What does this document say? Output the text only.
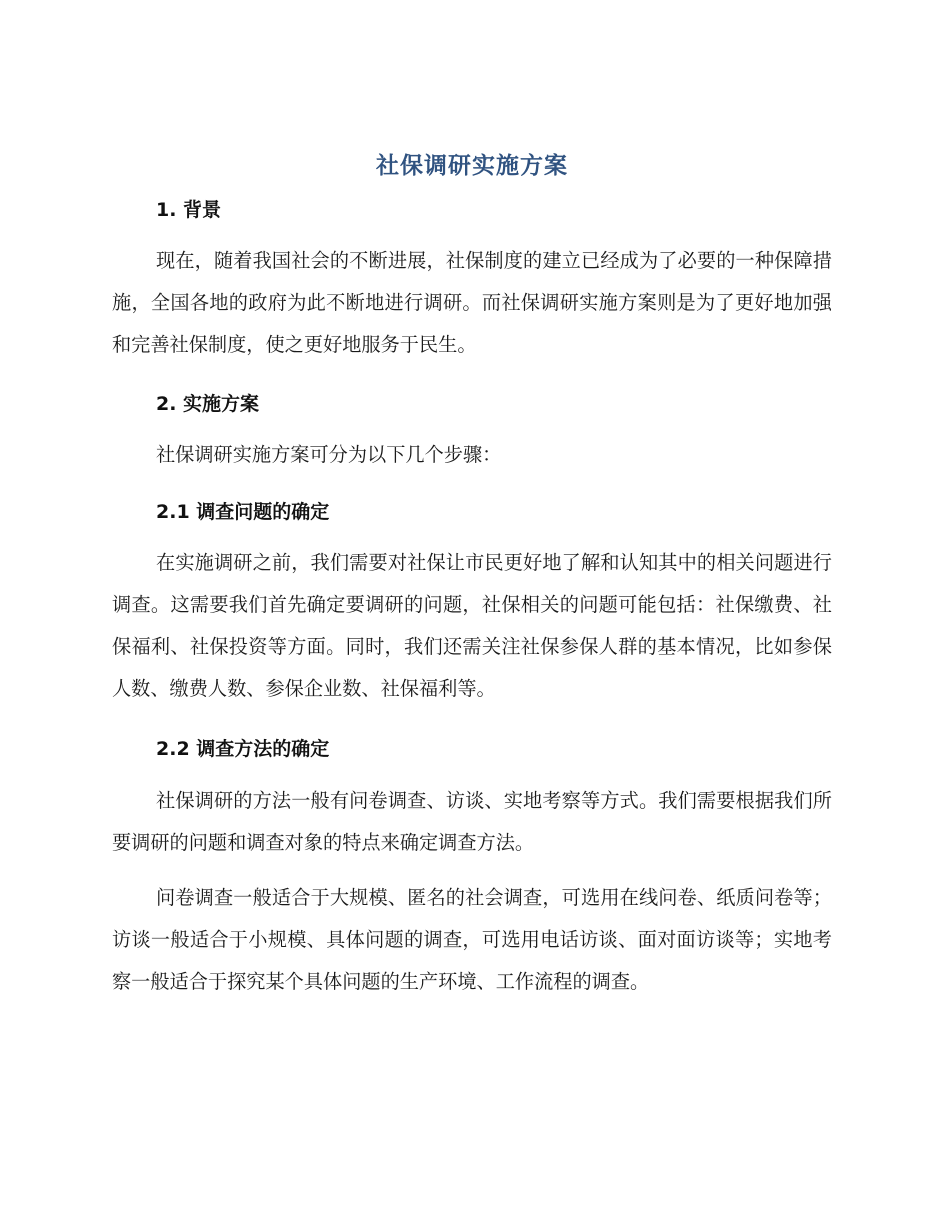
社保调研实施方案
1. 背景

现在，随着我国社会的不断进展，社保制度的建立已经成为了必要的一种保障措施，全国各地的政府为此不断地进行调研。而社保调研实施方案则是为了更好地加强和完善社保制度，使之更好地服务于民生。

2. 实施方案

社保调研实施方案可分为以下几个步骤：

2.1 调查问题的确定

在实施调研之前，我们需要对社保让市民更好地了解和认知其中的相关问题进行调查。这需要我们首先确定要调研的问题，社保相关的问题可能包括：社保缴费、社保福利、社保投资等方面。同时，我们还需关注社保参保人群的基本情况，比如参保人数、缴费人数、参保企业数、社保福利等。

2.2 调查方法的确定

社保调研的方法一般有问卷调查、访谈、实地考察等方式。我们需要根据我们所要调研的问题和调查对象的特点来确定调查方法。

问卷调查一般适合于大规模、匿名的社会调查，可选用在线问卷、纸质问卷等；访谈一般适合于小规模、具体问题的调查，可选用电话访谈、面对面访谈等；实地考察一般适合于探究某个具体问题的生产环境、工作流程的调查。
